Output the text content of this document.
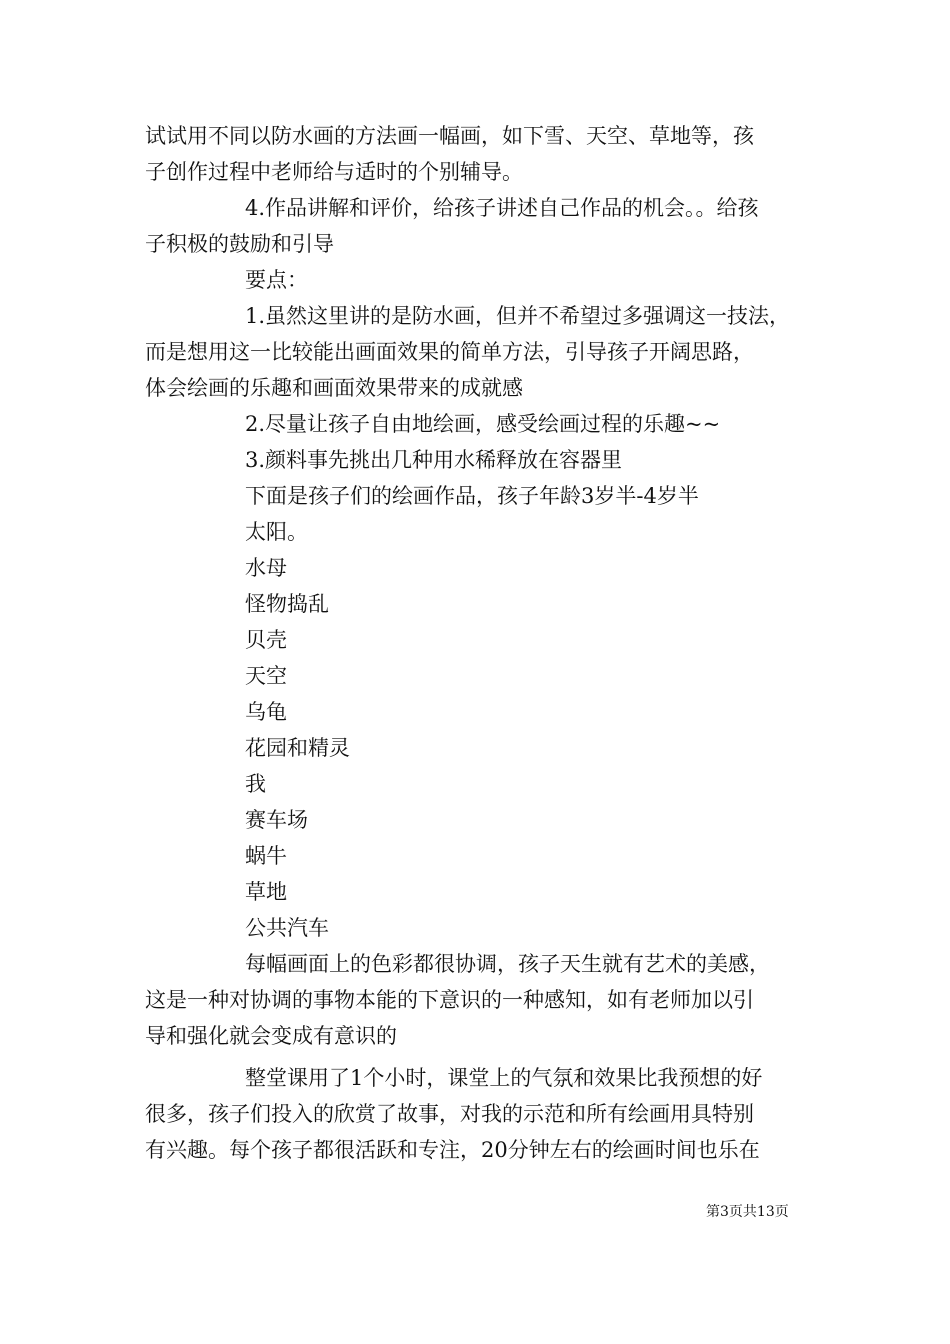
试试用不同以防水画的方法画一幅画，如下雪、天空、草地等，孩
子创作过程中老师给与适时的个别辅导。
4.作品讲解和评价，给孩子讲述自己作品的机会。。给孩
子积极的鼓励和引导
要点：
1.虽然这里讲的是防水画，但并不希望过多强调这一技法，
而是想用这一比较能出画面效果的简单方法，引导孩子开阔思路，
体会绘画的乐趣和画面效果带来的成就感
2.尽量让孩子自由地绘画，感受绘画过程的乐趣~~
3.颜料事先挑出几种用水稀释放在容器里
下面是孩子们的绘画作品，孩子年龄3岁半-4岁半
太阳。
水母
怪物捣乱
贝壳
天空
乌龟
花园和精灵
我
赛车场
蜗牛
草地
公共汽车
每幅画面上的色彩都很协调，孩子天生就有艺术的美感，
这是一种对协调的事物本能的下意识的一种感知，如有老师加以引
导和强化就会变成有意识的
整堂课用了1个小时，课堂上的气氛和效果比我预想的好
很多，孩子们投入的欣赏了故事，对我的示范和所有绘画用具特别
有兴趣。每个孩子都很活跃和专注，20分钟左右的绘画时间也乐在
第3页共13页
